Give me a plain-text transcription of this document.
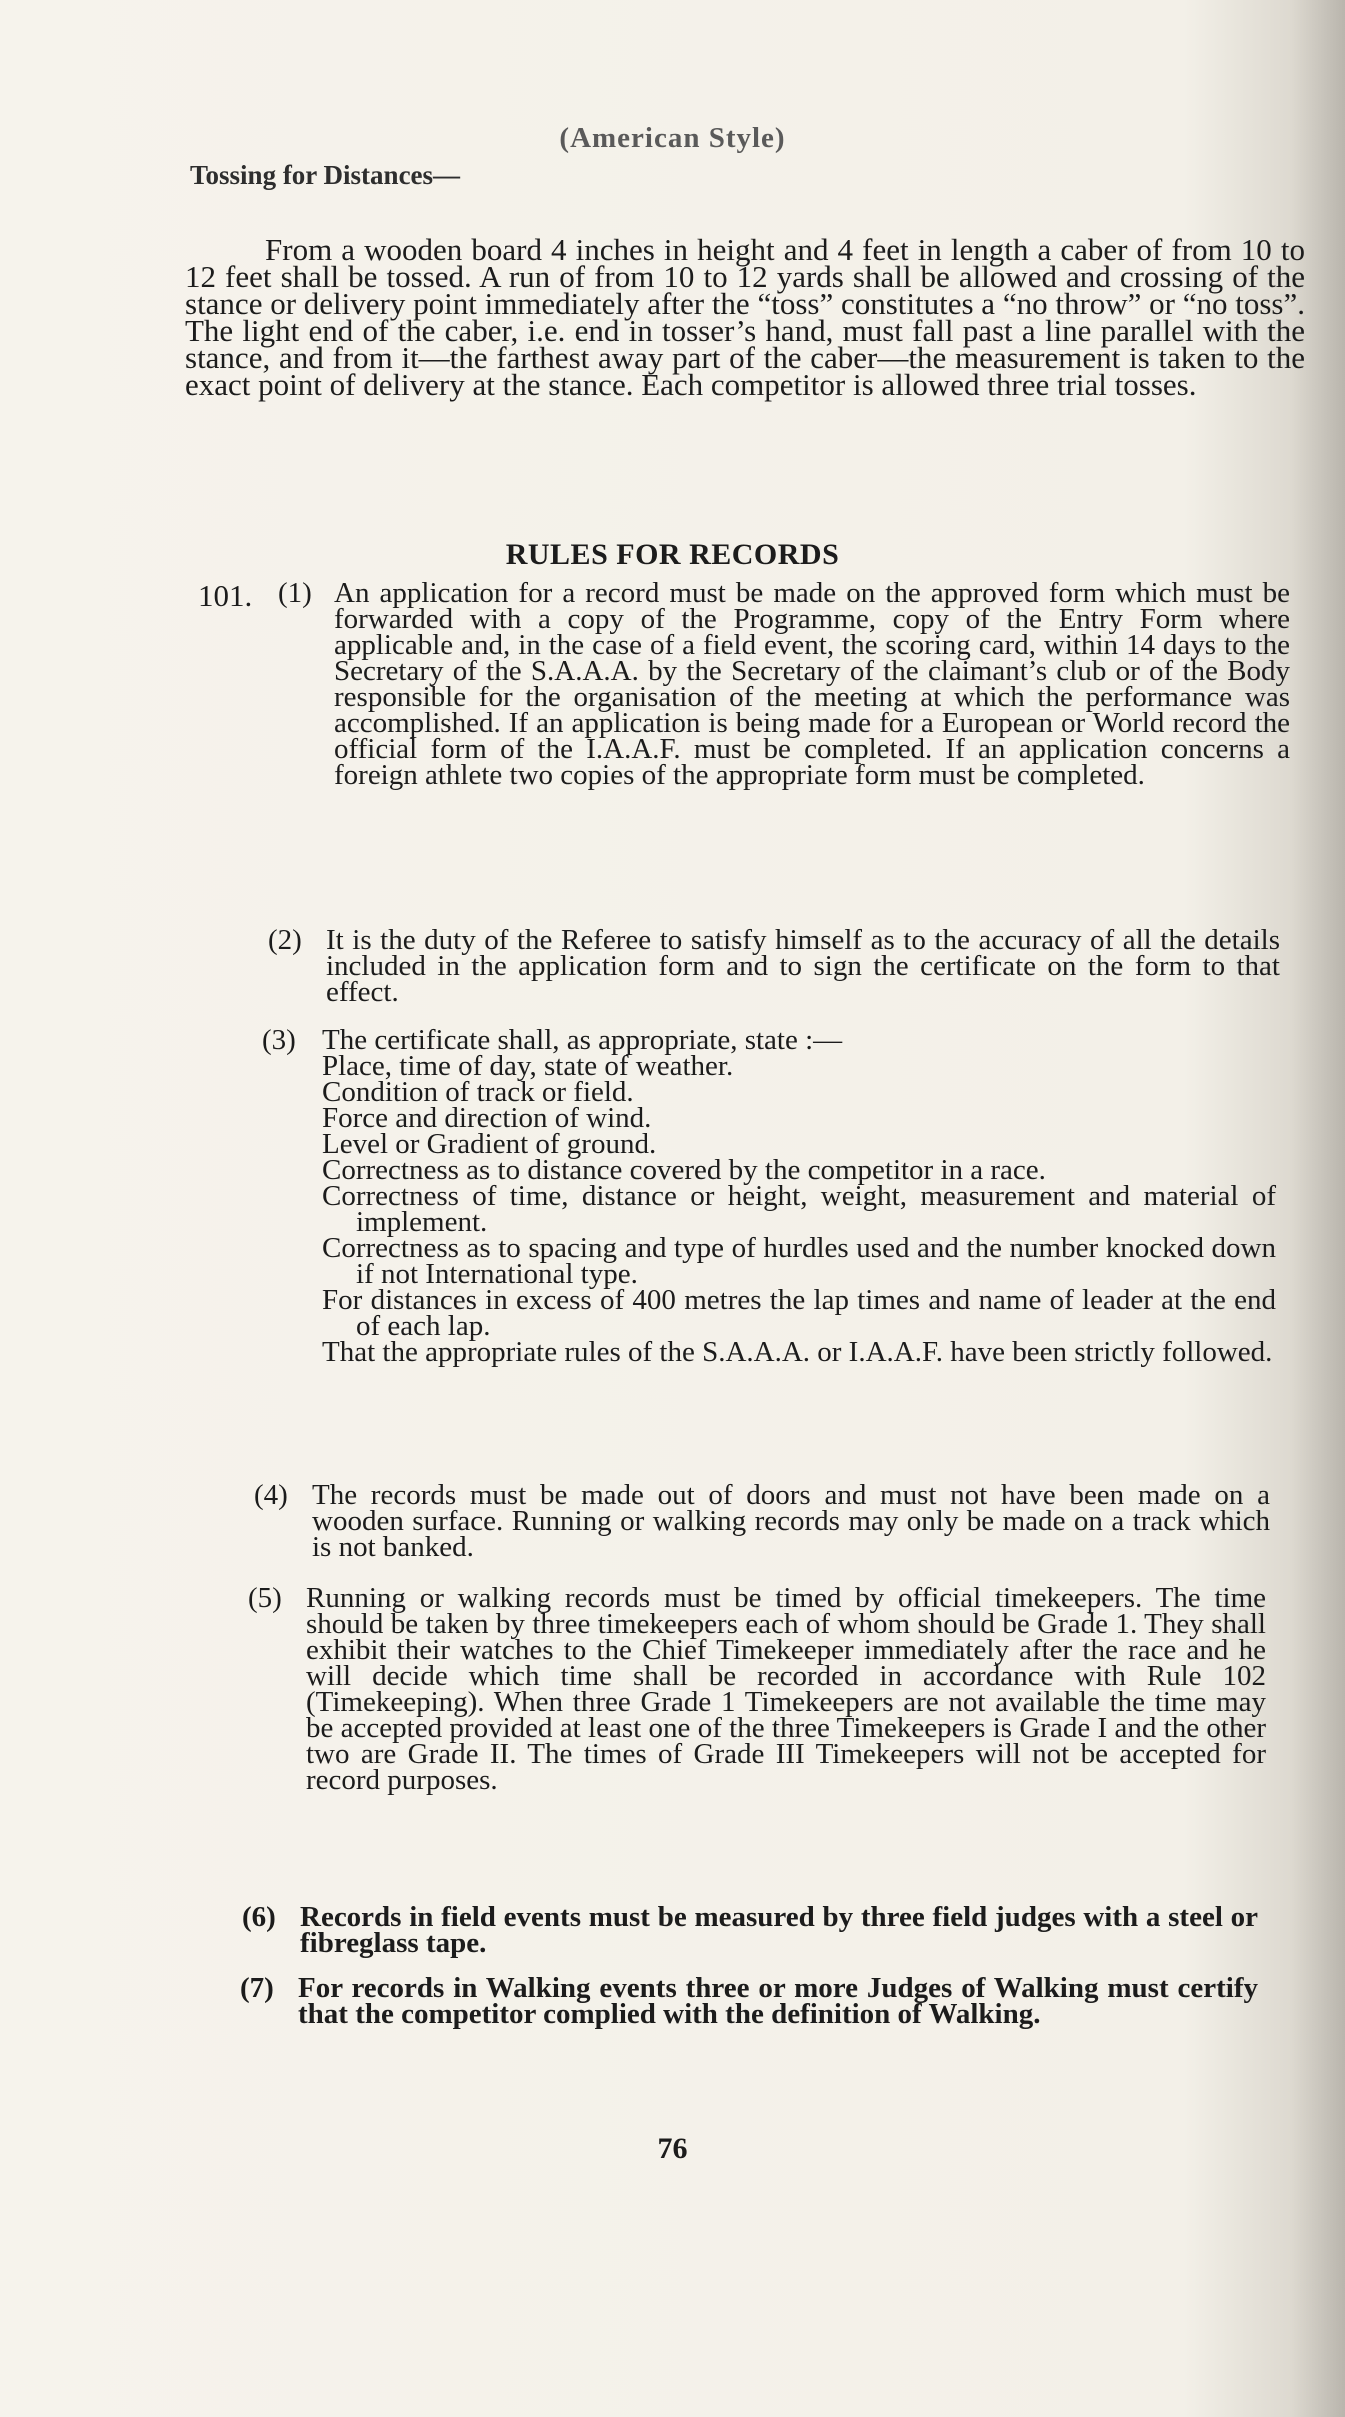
(American Style)
Tossing for Distances—

From a wooden board 4 inches in height and 4 feet in length a caber of from 10 to 12 feet shall be tossed. A run of from 10 to 12 yards shall be allowed and crossing of the stance or delivery point immediately after the “toss” constitutes a “no throw” or “no toss”. The light end of the caber, i.e. end in tosser’s hand, must fall past a line parallel with the stance, and from it—the farthest away part of the caber—the measurement is taken to the exact point of delivery at the stance. Each competitor is allowed three trial tosses.

RULES FOR RECORDS
101. (1) An application for a record must be made on the approved form which must be forwarded with a copy of the Programme, copy of the Entry Form where applicable and, in the case of a field event, the scoring card, within 14 days to the Secretary of the S.A.A.A. by the Secretary of the claimant’s club or of the Body responsible for the organisation of the meeting at which the performance was accomplished. If an application is being made for a European or World record the official form of the I.A.A.F. must be completed. If an application concerns a foreign athlete two copies of the appropriate form must be completed.
(2) It is the duty of the Referee to satisfy himself as to the accuracy of all the details included in the application form and to sign the certificate on the form to that effect.
(3) The certificate shall, as appropriate, state :—
Place, time of day, state of weather.
Condition of track or field.
Force and direction of wind.
Level or Gradient of ground.
Correctness as to distance covered by the competitor in a race.
Correctness of time, distance or height, weight, measurement and material of implement.
Correctness as to spacing and type of hurdles used and the number knocked down if not International type.
For distances in excess of 400 metres the lap times and name of leader at the end of each lap.
That the appropriate rules of the S.A.A.A. or I.A.A.F. have been strictly followed.
(4) The records must be made out of doors and must not have been made on a wooden surface. Running or walking records may only be made on a track which is not banked.
(5) Running or walking records must be timed by official timekeepers. The time should be taken by three timekeepers each of whom should be Grade 1. They shall exhibit their watches to the Chief Timekeeper immediately after the race and he will decide which time shall be recorded in accordance with Rule 102 (Timekeeping). When three Grade 1 Timekeepers are not available the time may be accepted provided at least one of the three Timekeepers is Grade I and the other two are Grade II. The times of Grade III Timekeepers will not be accepted for record purposes.
(6) Records in field events must be measured by three field judges with a steel or fibreglass tape.
(7) For records in Walking events three or more Judges of Walking must certify that the competitor complied with the definition of Walking.
76
